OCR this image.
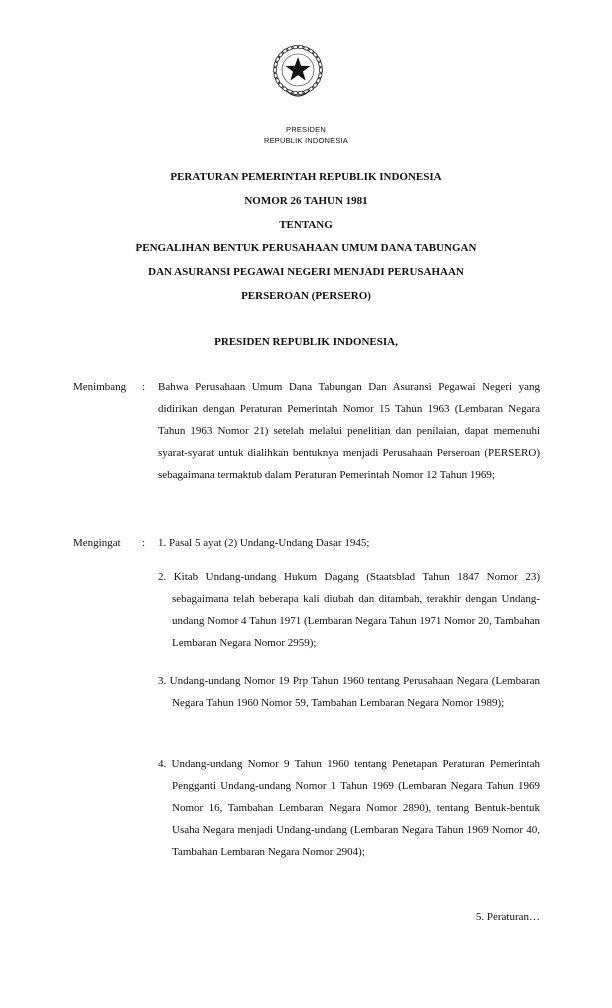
PRESIDEN
REPUBLIK INDONESIA
PERATURAN PEMERINTAH REPUBLIK INDONESIA
NOMOR 26 TAHUN 1981
TENTANG
PENGALIHAN BENTUK PERUSAHAAN UMUM DANA TABUNGAN
DAN ASURANSI PEGAWAI NEGERI MENJADI PERUSAHAAN
PERSEROAN (PERSERO)
PRESIDEN REPUBLIK INDONESIA,
Menimbang : Bahwa Perusahaan Umum Dana Tabungan Dan Asuransi Pegawai Negeri yang didirikan dengan Peraturan Pemerintah Nomor 15 Tahun 1963 (Lembaran Negara Tahun 1963 Nomor 21) setelah melalui penelitian dan penilaian, dapat memenuhi syarat-syarat untuk dialihkan bentuknya menjadi Perusahaan Perseroan (PERSERO) sebagaimana termaktub dalam Peraturan Pemerintah Nomor 12 Tahun 1969;
Mengingat : 1. Pasal 5 ayat (2) Undang-Undang Dasar 1945;
2. Kitab Undang-undang Hukum Dagang (Staatsblad Tahun 1847 Nomor 23) sebagaimana telah beberapa kali diubah dan ditambah, terakhir dengan Undang-undang Nomor 4 Tahun 1971 (Lembaran Negara Tahun 1971 Nomor 20, Tambahan Lembaran Negara Nomor 2959);
3. Undang-undang Nomor 19 Prp Tahun 1960 tentang Perusahaan Negara (Lembaran Negara Tahun 1960 Nomor 59, Tambahan Lembaran Negara Nomor 1989);
4. Undang-undang Nomor 9 Tahun 1960 tentang Penetapan Peraturan Pemerintah Pengganti Undang-undang Nomor 1 Tahun 1969 (Lembaran Negara Tahun 1969 Nomor 16, Tambahan Lembaran Negara Nomor 2890), tentang Bentuk-bentuk Usaha Negara menjadi Undang-undang (Lembaran Negara Tahun 1969 Nomor 40, Tambahan Lembaran Negara Nomor 2904);
5. Peraturan…
